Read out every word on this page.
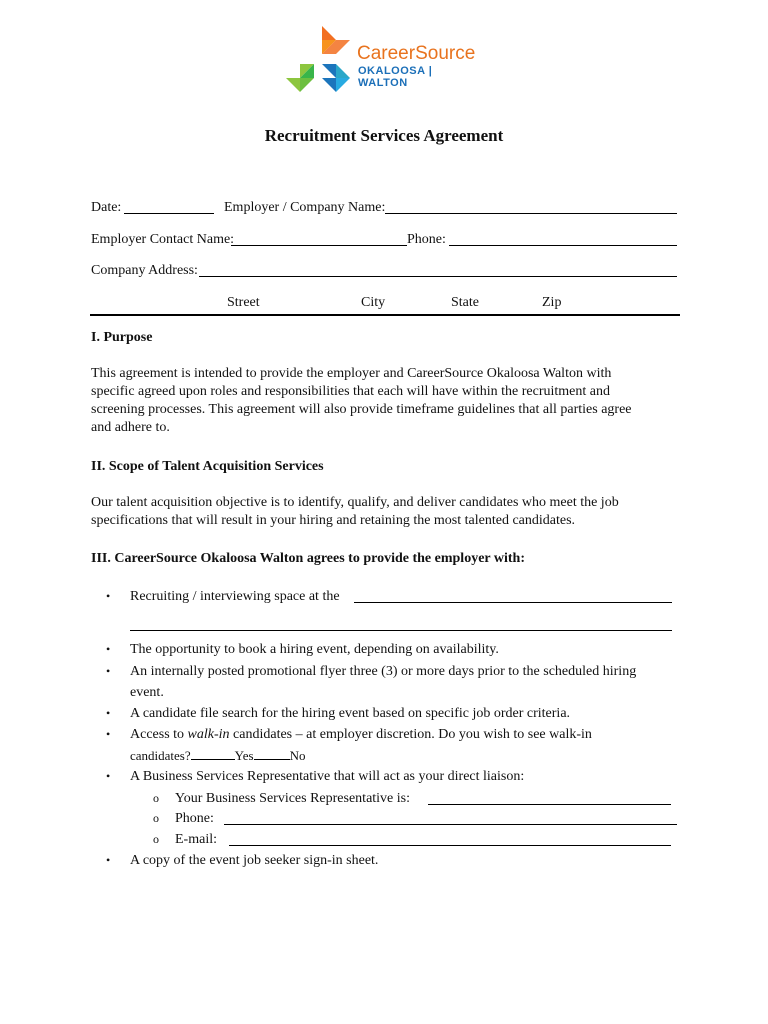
CareerSource
OKALOOSA | WALTON
Recruitment Services Agreement
Date:	Employer / Company Name:
Employer Contact Name:	Phone:
Company Address:
Street	City	State	Zip
I. Purpose
This agreement is intended to provide the employer and CareerSource Okaloosa Walton with
specific agreed upon roles and responsibilities that each will have within the recruitment and
screening processes. This agreement will also provide timeframe guidelines that all parties agree
and adhere to.
II. Scope of Talent Acquisition Services
Our talent acquisition objective is to identify, qualify, and deliver candidates who meet the job
specifications that will result in your hiring and retaining the most talented candidates.
III. CareerSource Okaloosa Walton agrees to provide the employer with:
• Recruiting / interviewing space at the
• The opportunity to book a hiring event, depending on availability.
• An internally posted promotional flyer three (3) or more days prior to the scheduled hiring
event.
• A candidate file search for the hiring event based on specific job order criteria.
• Access to walk-in candidates – at employer discretion. Do you wish to see walk-in
candidates?	Yes	No
• A Business Services Representative that will act as your direct liaison:
o Your Business Services Representative is:
o Phone:
o E-mail:
• A copy of the event job seeker sign-in sheet.
